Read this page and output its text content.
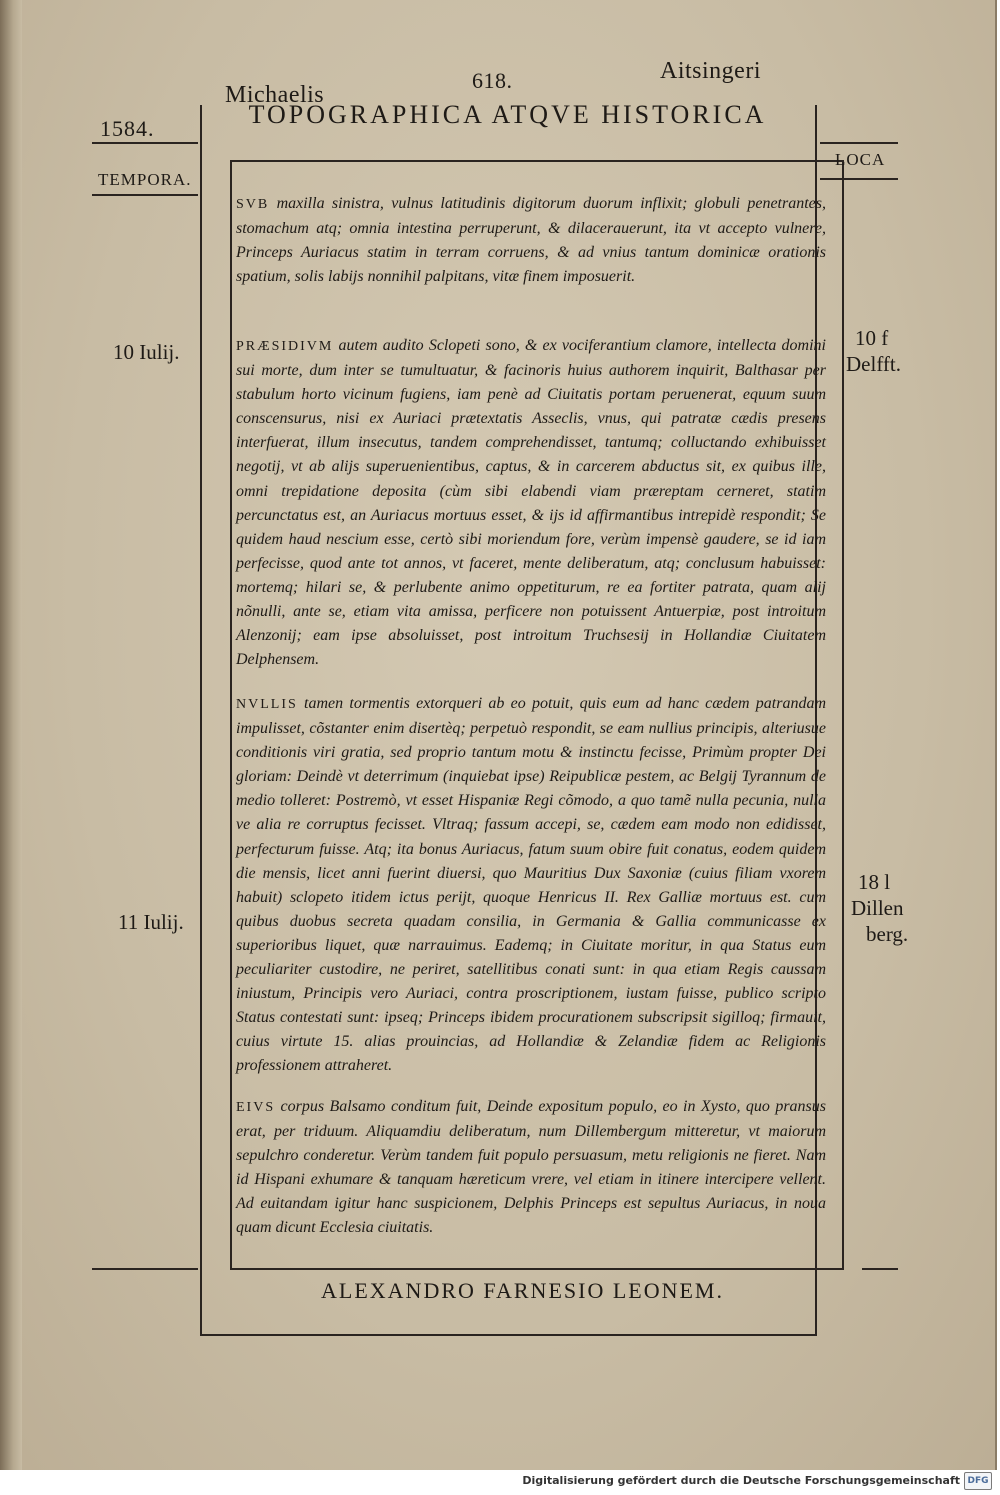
Michaelis
618.	Aitsingeri
1584.	TOPOGRAPHICA ATQVE HISTORICA
TEMPORA.
LOCA
10 Iulij.
10 f
Delfft.
11 Iulij.
18 l
Dillen
berg.

SVB maxilla sinistra, vulnus latitudinis digitorum duorum inflixit; globuli penetrantes, stomachum atq; omnia intestina perruperunt, & dilacerauerunt, ita vt accepto vulnere, Princeps Auriacus statim in terram corruens, & ad vnius tantum dominicæ orationis spatium, solis labijs nonnihil palpitans, vitæ finem imposuerit.

PRÆSIDIVM autem audito Sclopeti sono, & ex vociferantium clamore, intellecta domini sui morte, dum inter se tumultuatur, & facinoris huius authorem inquirit, Balthasar per stabulum horto vicinum fugiens, iam penè ad Ciuitatis portam peruenerat, equum suum conscensurus, nisi ex Auriaci prætextatis Asseclis, vnus, qui patratæ cædis presens interfuerat, illum insecutus, tandem comprehendisset, tantumq; colluctando exhibuisset negotij, vt ab alijs superuenientibus, captus, & in carcerem abductus sit, ex quibus ille, omni trepidatione deposita (cùm sibi elabendi viam præreptam cerneret, statim percunctatus est, an Auriacus mortuus esset, & ijs id affirmantibus intrepidè respondit; Se quidem haud nescium esse, certò sibi moriendum fore, verùm impensè gaudere, se id iam perfecisse, quod ante tot annos, vt faceret, mente deliberatum, atq; conclusum habuisset: mortemq; hilari se, & perlubente animo oppetiturum, re ea fortiter patrata, quam alij nõnulli, ante se, etiam vita amissa, perficere non potuissent Antuerpiæ, post introitum Alenzonij; eam ipse absoluisset, post introitum Truchsesij in Hollandiæ Ciuitatem Delphensem.

NVLLIS tamen tormentis extorqueri ab eo potuit, quis eum ad hanc cædem patrandam impulisset, cõstanter enim disertèq; perpetuò respondit, se eam nullius principis, alteriusue conditionis viri gratia, sed proprio tantum motu & instinctu fecisse, Primùm propter Dei gloriam: Deindè vt deterrimum (inquiebat ipse) Reipublicæ pestem, ac Belgij Tyrannum de medio tolleret: Postremò, vt esset Hispaniæ Regi cõmodo, a quo tamẽ nulla pecunia, nulla ve alia re corruptus fecisset. Vltraq; fassum accepi, se, cædem eam modo non edidisset, perfecturum fuisse. Atq; ita bonus Auriacus, fatum suum obire fuit conatus, eodem quidem die mensis, licet anni fuerint diuersi, quo Mauritius Dux Saxoniæ (cuius filiam vxorem habuit) sclopeto itidem ictus perijt, quoque Henricus II. Rex Galliæ mortuus est. cum quibus duobus secreta quadam consilia, in Germania & Gallia communicasse ex superioribus liquet, quæ narrauimus. Eademq; in Ciuitate moritur, in qua Status eum peculiariter custodire, ne periret, satellitibus conati sunt: in qua etiam Regis caussam iniustum, Principis vero Auriaci, contra proscriptionem, iustam fuisse, publico scripto Status contestati sunt: ipseq; Princeps ibidem procurationem subscripsit sigilloq; firmauit, cuius virtute 15. alias prouincias, ad Hollandiæ & Zelandiæ fidem ac Religionis professionem attraheret.

EIVS corpus Balsamo conditum fuit, Deinde expositum populo, eo in Xysto, quo pransus erat, per triduum. Aliquamdiu deliberatum, num Dillembergum mitteretur, vt maiorum sepulchro conderetur. Verùm tandem fuit populo persuasum, metu religionis ne fieret. Nam id Hispani exhumare & tanquam hæreticum vrere, vel etiam in itinere intercipere vellent. Ad euitandam igitur hanc suspicionem, Delphis Princeps est sepultus Auriacus, in noua quam dicunt Ecclesia ciuitatis.

ALEXANDRO FARNESIO LEONEM.
Digitalisierung gefördert durch die Deutsche Forschungsgemeinschaft DFG
